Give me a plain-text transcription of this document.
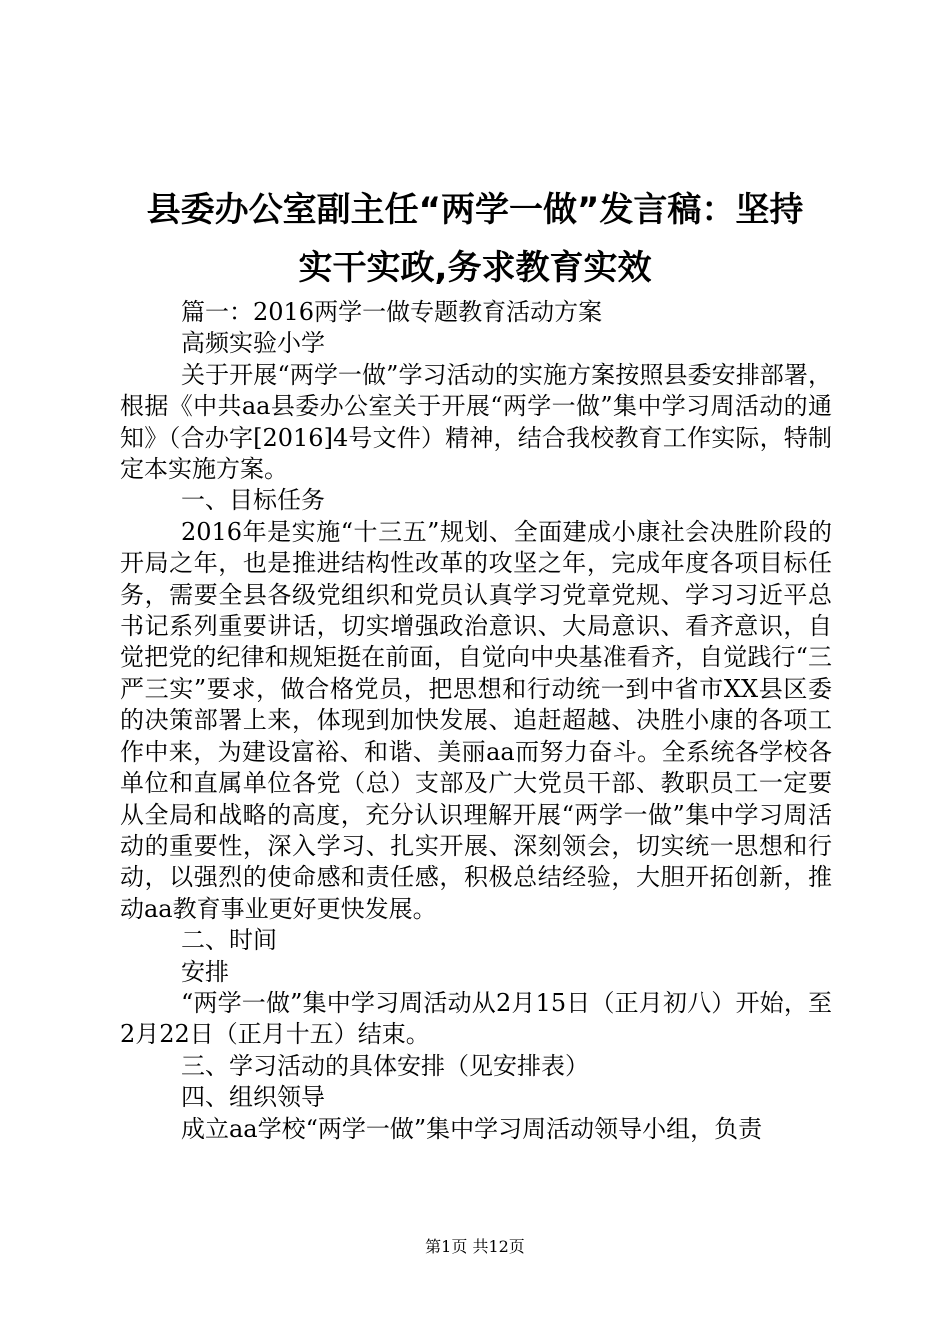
县委办公室副主任“两学一做”发言稿：坚持
实干实政,务求教育实效

篇一：2016两学一做专题教育活动方案

高频实验小学

关于开展“两学一做”学习活动的实施方案按照县委安排部署，根据《中共aa县委办公室关于开展“两学一做”集中学习周活动的通知》（合办字[2016]4号文件）精神，结合我校教育工作实际，特制定本实施方案。

一、目标任务

2016年是实施“十三五”规划、全面建成小康社会决胜阶段的开局之年，也是推进结构性改革的攻坚之年，完成年度各项目标任务，需要全县各级党组织和党员认真学习党章党规、学习习近平总书记系列重要讲话，切实增强政治意识、大局意识、看齐意识，自觉把党的纪律和规矩挺在前面，自觉向中央基准看齐，自觉践行“三严三实”要求，做合格党员，把思想和行动统一到中省市XX县区委的决策部署上来，体现到加快发展、追赶超越、决胜小康的各项工作中来，为建设富裕、和谐、美丽aa而努力奋斗。全系统各学校各单位和直属单位各党（总）支部及广大党员干部、教职员工一定要从全局和战略的高度，充分认识理解开展“两学一做”集中学习周活动的重要性，深入学习、扎实开展、深刻领会，切实统一思想和行动，以强烈的使命感和责任感，积极总结经验，大胆开拓创新，推动aa教育事业更好更快发展。

二、时间

安排

“两学一做”集中学习周活动从2月15日（正月初八）开始，至2月22日（正月十五）结束。

三、学习活动的具体安排（见安排表）

四、组织领导

成立aa学校“两学一做”集中学习周活动领导小组，负责

第1页 共12页
